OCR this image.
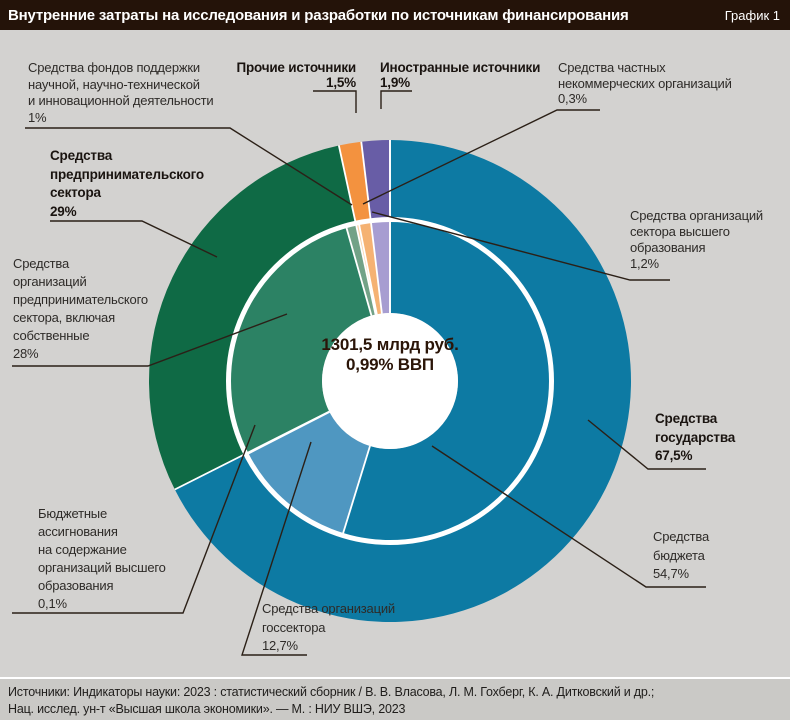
Внутренние затраты на исследования и разработки по источникам финансирования	График 1
1301,5 млрд руб.
0,99% ВВП
Средства фондов поддержки
научной, научно-технической
и инновационной деятельности
1%
Прочие источники
1,5%
Иностранные источники
1,9%
Средства частных
некоммерческих организаций
0,3%
Средства организаций
сектора высшего
образования
1,2%
Средства
государства
67,5%
Средства
бюджета
54,7%
Средства организаций
госсектора
12,7%
Бюджетные
ассигнования
на содержание
организаций высшего
образования
0,1%
Средства
организаций
предпринимательского
сектора, включая
собственные
28%
Средства
предпринимательского
сектора
29%
Источники: Индикаторы науки: 2023 : статистический сборник / В. В. Власова, Л. М. Гохберг, К. А. Дитковский и др.;
Нац. исслед. ун-т «Высшая школа экономики». — М. : НИУ ВШЭ, 2023
